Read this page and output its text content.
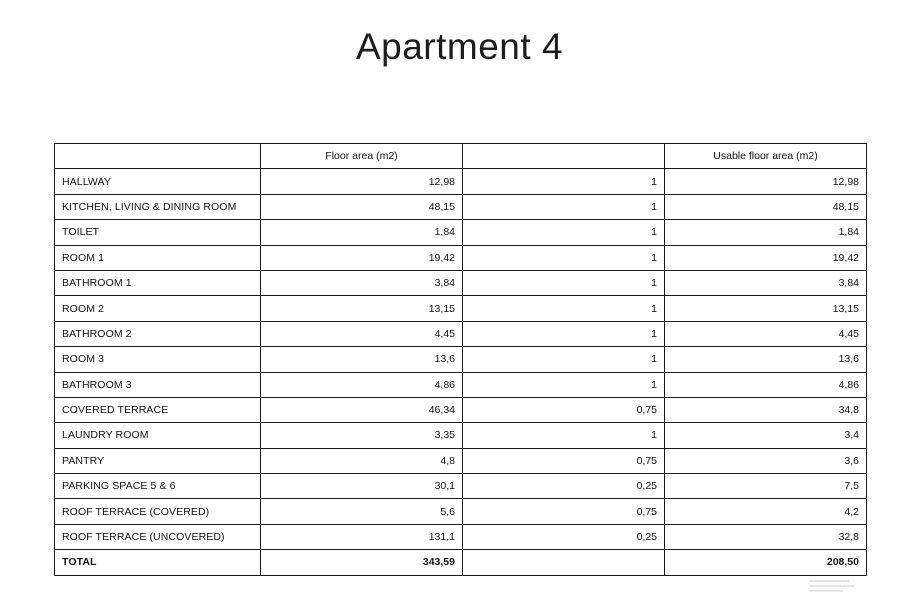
Apartment 4
	Floor area (m2)		Usable floor area (m2)
HALLWAY	12,98	1	12,98
KITCHEN, LIVING & DINING ROOM	48,15	1	48,15
TOILET	1,84	1	1,84
ROOM 1	19,42	1	19,42
BATHROOM 1	3,84	1	3,84
ROOM 2	13,15	1	13,15
BATHROOM 2	4,45	1	4,45
ROOM 3	13,6	1	13,6
BATHROOM 3	4,86	1	4,86
COVERED TERRACE	46,34	0,75	34,8
LAUNDRY ROOM	3,35	1	3,4
PANTRY	4,8	0,75	3,6
PARKING SPACE 5 & 6	30,1	0,25	7,5
ROOF TERRACE (COVERED)	5,6	0,75	4,2
ROOF TERRACE (UNCOVERED)	131,1	0,25	32,8
TOTAL	343,59		208,50
